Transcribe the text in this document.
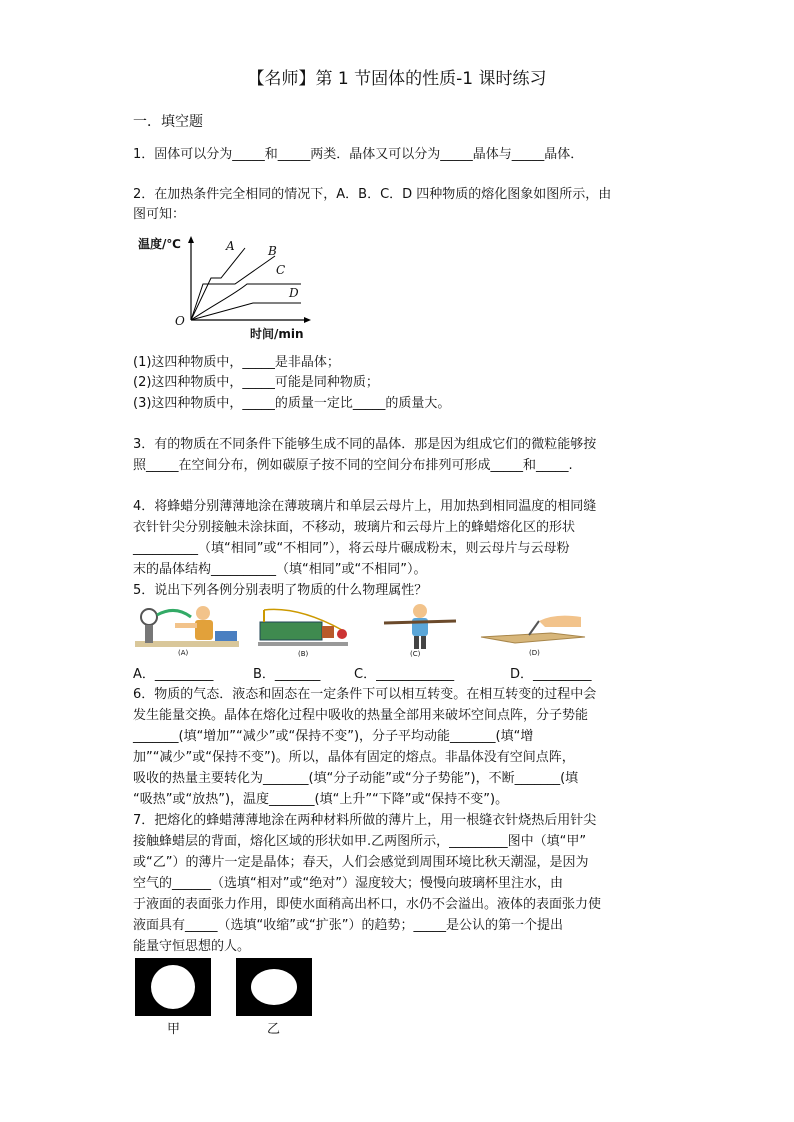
【名师】第 1 节固体的性质-1 课时练习
一．填空题
1．固体可以分为_____和_____两类．晶体又可以分为_____晶体与_____晶体．
2．在加热条件完全相同的情况下，A．B．C．D 四种物质的熔化图象如图所示，由
图可知：
温度/℃
时间/min
O
A	B
C
D
(1)这四种物质中，_____是非晶体；
(2)这四种物质中，_____可能是同种物质；
(3)这四种物质中，_____的质量一定比_____的质量大。
3．有的物质在不同条件下能够生成不同的晶体．那是因为组成它们的微粒能够按
照_____在空间分布，例如碳原子按不同的空间分布排列可形成_____和_____.
4．将蜂蜡分别薄薄地涂在薄玻璃片和单层云母片上，用加热到相同温度的相同缝
衣针针尖分别接触未涂抹面，不移动，玻璃片和云母片上的蜂蜡熔化区的形状
__________（填“相同”或“不相同”），将云母片碾成粉末，则云母片与云母粉
末的晶体结构__________（填“相同”或“不相同”）。
5．说出下列各例分别表明了物质的什么物理属性？
(A)	(B)	(C)	(D)
A．_________	B．_______	C．____________	D．_________
6．物质的气态．液态和固态在一定条件下可以相互转变。在相互转变的过程中会
发生能量交换。晶体在熔化过程中吸收的热量全部用来破坏空间点阵，分子势能
_______(填“增加”“减少”或“保持不变”)，分子平均动能_______(填“增
加”“减少”或“保持不变”)。所以，晶体有固定的熔点。非晶体没有空间点阵，
吸收的热量主要转化为_______(填“分子动能”或“分子势能”)，不断_______(填
“吸热”或“放热”)，温度_______(填“上升”“下降”或“保持不变”)。
7．把熔化的蜂蜡薄薄地涂在两种材料所做的薄片上，用一根缝衣针烧热后用针尖
接触蜂蜡层的背面，熔化区域的形状如甲.乙两图所示，_________图中（填“甲”
或“乙”）的薄片一定是晶体；春天，人们会感觉到周围环境比秋天潮湿，是因为
空气的______（选填“相对”或“绝对”）湿度较大；慢慢向玻璃杯里注水，由
于液面的表面张力作用，即使水面稍高出杯口，水仍不会溢出。液体的表面张力使
液面具有_____（选填“收缩”或“扩张”）的趋势；_____是公认的第一个提出
能量守恒思想的人。
甲	乙
